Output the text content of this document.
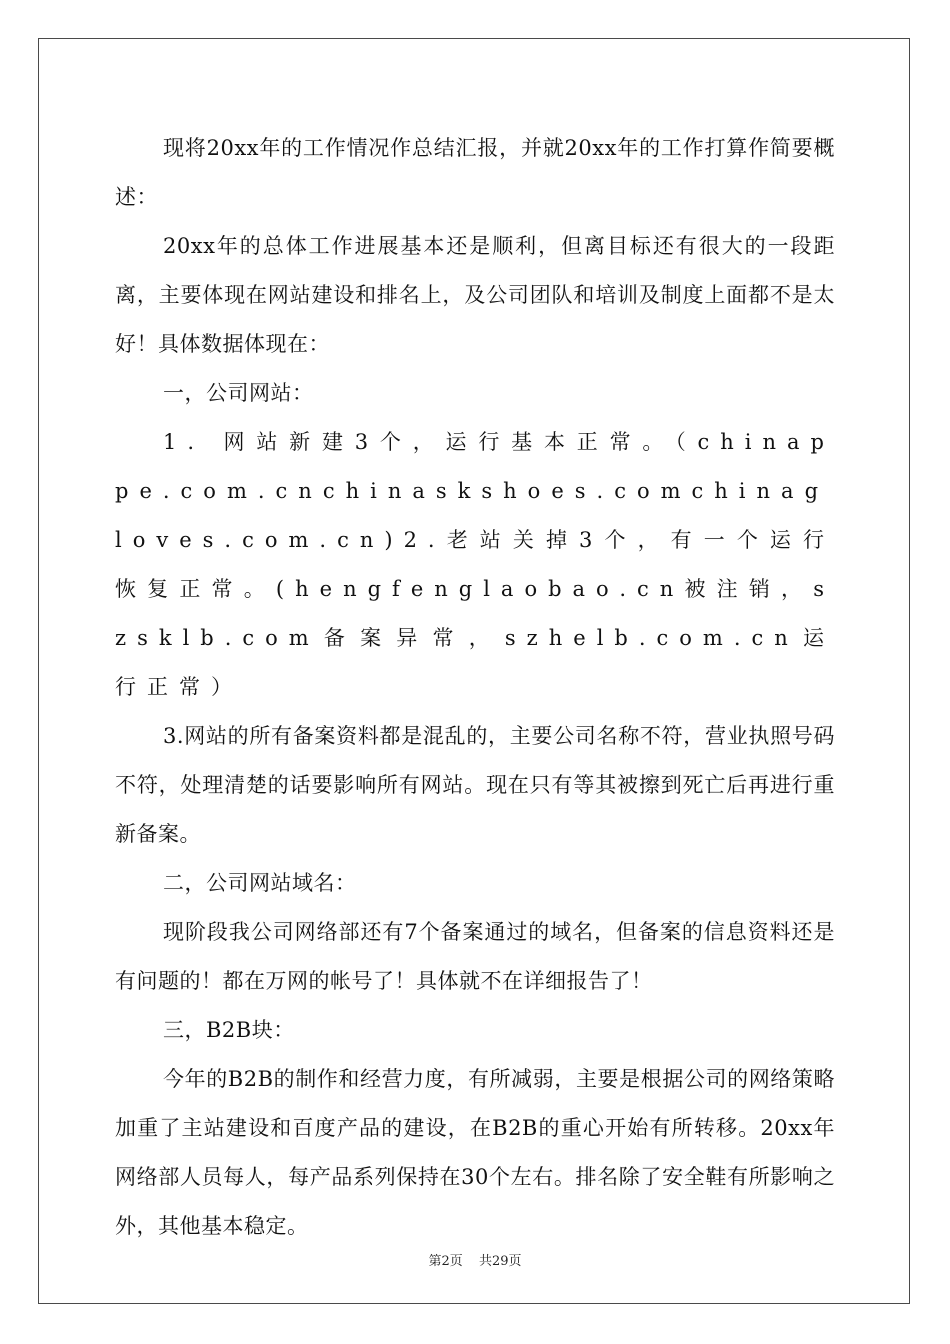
现将20xx年的工作情况作总结汇报，并就20xx年的工作打算作简要概述：

20xx年的总体工作进展基本还是顺利，但离目标还有很大的一段距离，主要体现在网站建设和排名上，及公司团队和培训及制度上面都不是太好！具体数据体现在：

一，公司网站：

1. 网站新建3个，运行基本正常。（chinappe.com.cnchinaskshoes.comchinagloves.com.cn)2.老站关掉3个，有一个运行恢复正常。(hengfenglaobao.cn被注销，szsklb.com备案异常，szhelb.com.cn运行正常）

3.网站的所有备案资料都是混乱的，主要公司名称不符，营业执照号码不符，处理清楚的话要影响所有网站。现在只有等其被擦到死亡后再进行重新备案。

二，公司网站域名：

现阶段我公司网络部还有7个备案通过的域名，但备案的信息资料还是有问题的！都在万网的帐号了！具体就不在详细报告了！

三，B2B块：

今年的B2B的制作和经营力度，有所减弱，主要是根据公司的网络策略加重了主站建设和百度产品的建设，在B2B的重心开始有所转移。20xx年网络部人员每人，每产品系列保持在30个左右。排名除了安全鞋有所影响之外，其他基本稳定。

第2页 共29页
